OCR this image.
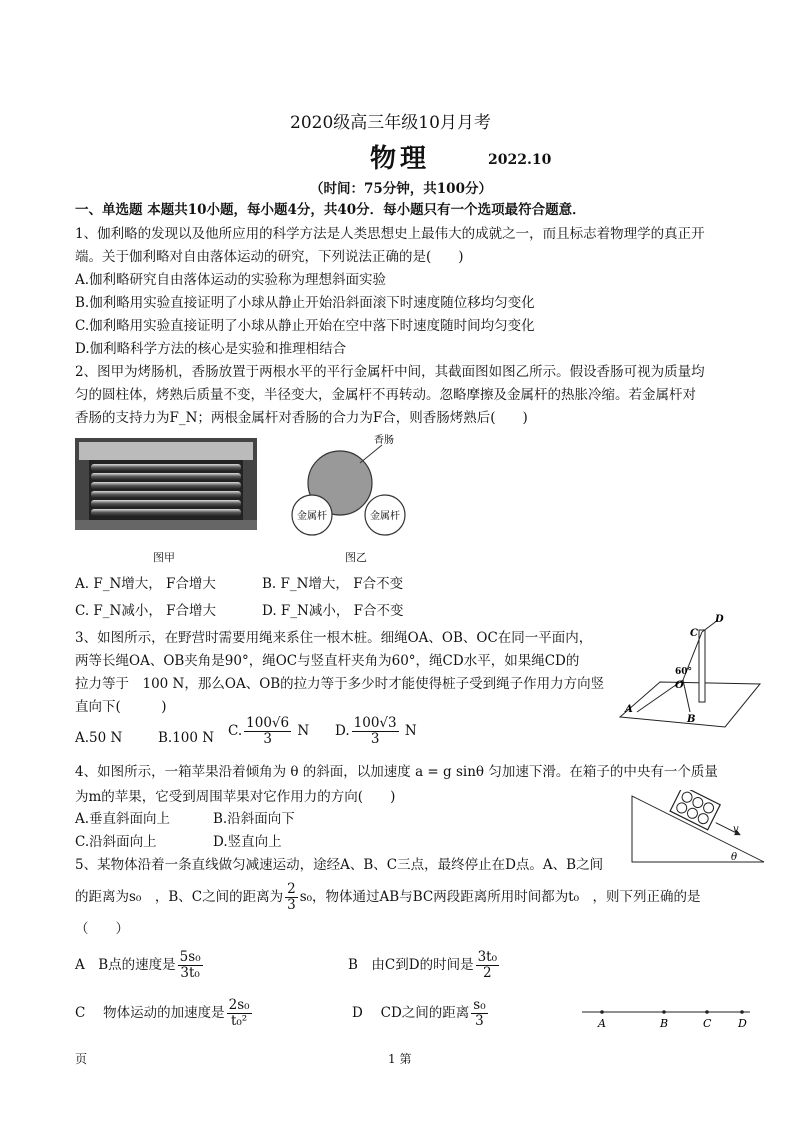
2020级高三年级10月月考
物理	2022.10
（时间：75分钟，共100分）
一、单选题 本题共10小题，每小题4分，共40分．每小题只有一个选项最符合题意．
1、伽利略的发现以及他所应用的科学方法是人类思想史上最伟大的成就之一，而且标志着物理学的真正开
端。关于伽利略对自由落体运动的研究，下列说法正确的是(　　)
A.伽利略研究自由落体运动的实验称为理想斜面实验
B.伽利略用实验直接证明了小球从静止开始沿斜面滚下时速度随位移均匀变化
C.伽利略用实验直接证明了小球从静止开始在空中落下时速度随时间均匀变化
D.伽利略科学方法的核心是实验和推理相结合
2、图甲为烤肠机，香肠放置于两根水平的平行金属杆中间，其截面图如图乙所示。假设香肠可视为质量均
匀的圆柱体，烤熟后质量不变，半径变大，金属杆不再转动。忽略摩擦及金属杆的热胀冷缩。若金属杆对
香肠的支持力为F_N；两根金属杆对香肠的合力为F合，则香肠烤熟后(　　)
图甲
金属杆	金属杆
香肠
图乙
A. F_N增大， F合增大	B. F_N增大， F合不变
C. F_N减小， F合增大	D. F_N减小， F合不变
3、如图所示，在野营时需要用绳来系住一根木桩。细绳OA、OB、OC在同一平面内，
两等长绳OA、OB夹角是90°，绳OC与竖直杆夹角为60°，绳CD水平，如果绳CD的
拉力等于　100 N，那么OA、OB的拉力等于多少时才能使得桩子受到绳子作用力方向竖
直向下(　　　)
A.50 N	B.100 N C. $\frac{100√6}{3}$ N D. $\frac{100√3}{3}$ N
C
D
60°
O
A
B
4、如图所示，一箱苹果沿着倾角为 θ 的斜面，以加速度 a = g sinθ 匀加速下滑。在箱子的中央有一个质量
为m的苹果，它受到周围苹果对它作用力的方向(　　)
A.垂直斜面向上	B.沿斜面向下
C.沿斜面向上	D.竖直向上
v
θ
5、某物体沿着一条直线做匀减速运动，途经A、B、C三点，最终停止在D点。A、B之间
的距离为s₀　，B、C之间的距离为 $\frac{2}{3} s_0$，物体通过AB与BC两段距离所用时间都为t₀　，则下列正确的是
（　　）
A　B点的速度是 $\frac{\text{5s₀}}{\text{3t₀}}$	B　由C到D的时间是 $\frac{\text{3t₀}}{2}$
C　 物体运动的加速度是 $\frac{\text{2s₀}}{\text{t₀²}}$	D　 CD之间的距离 $\frac{\text{s₀}}{3}$	A	B	C D
页	1 第
